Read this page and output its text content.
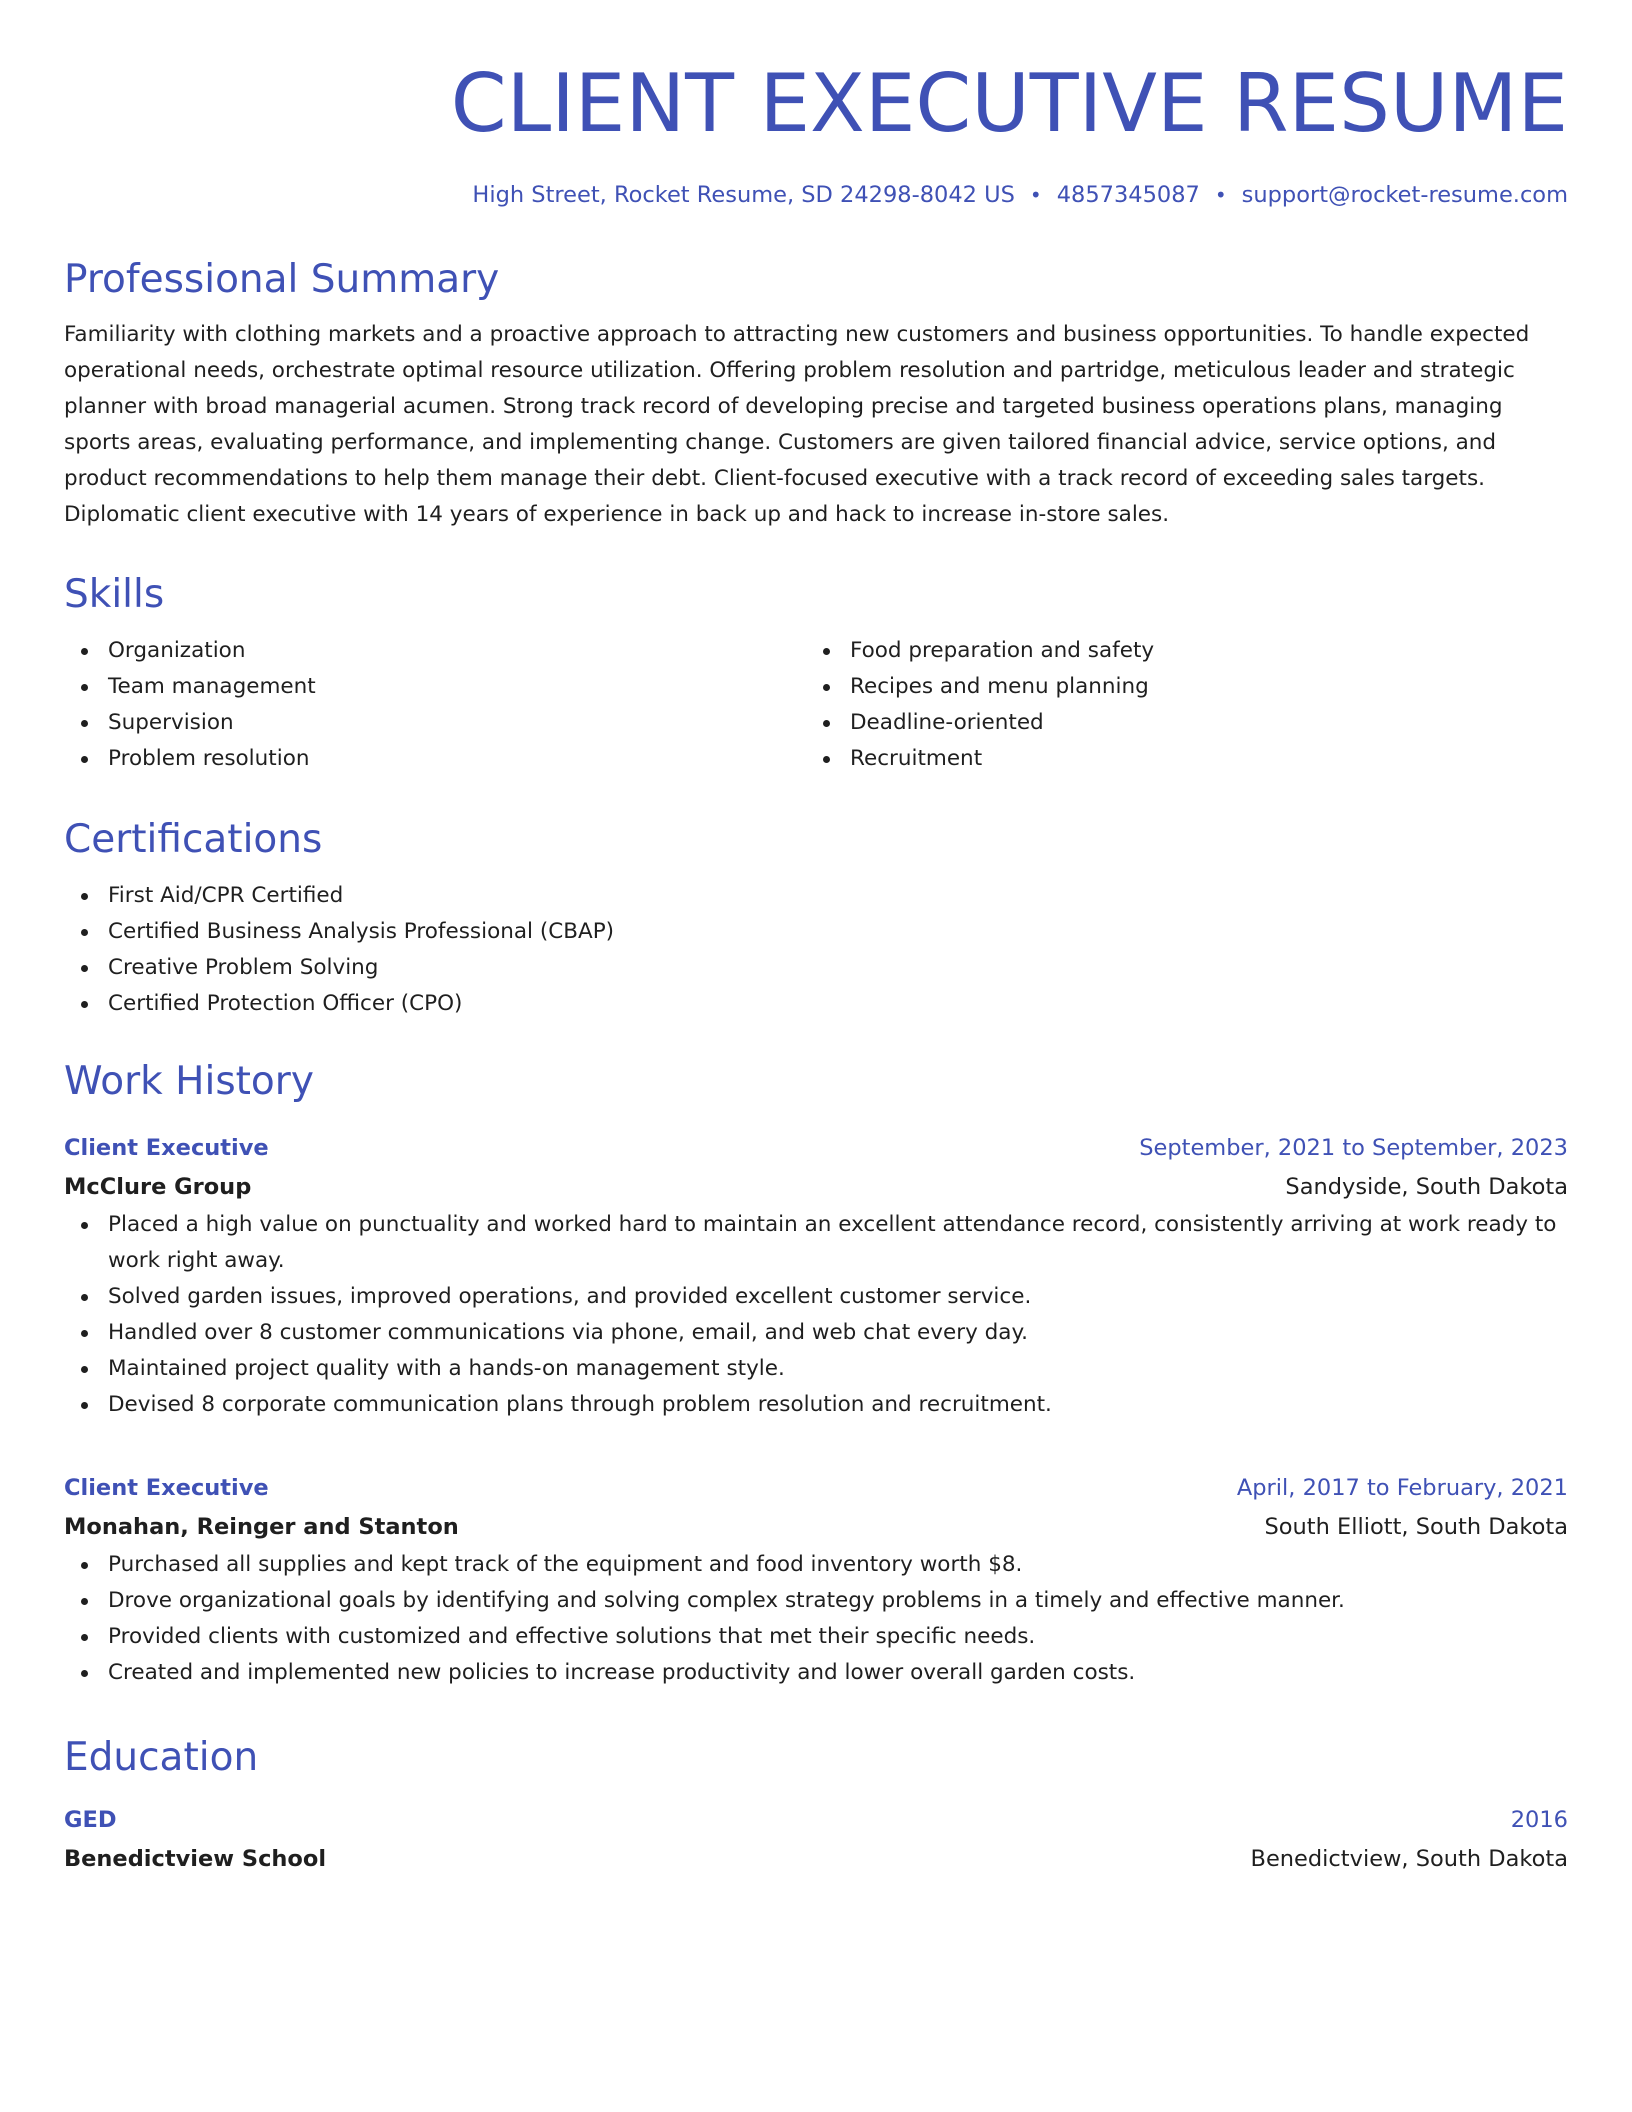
CLIENT EXECUTIVE RESUME
High Street, Rocket Resume, SD 24298-8042 US • 4857345087 • support@rocket-resume.com
Professional Summary

Familiarity with clothing markets and a proactive approach to attracting new customers and business opportunities. To handle expected operational needs, orchestrate optimal resource utilization. Offering problem resolution and partridge, meticulous leader and strategic planner with broad managerial acumen. Strong track record of developing precise and targeted business operations plans, managing sports areas, evaluating performance, and implementing change. Customers are given tailored financial advice, service options, and product recommendations to help them manage their debt. Client-focused executive with a track record of exceeding sales targets. Diplomatic client executive with 14 years of experience in back up and hack to increase in-store sales.

Skills
Organization
Team management
Supervision
Problem resolution
Food preparation and safety
Recipes and menu planning
Deadline-oriented
Recruitment
Certifications
First Aid/CPR Certified
Certified Business Analysis Professional (CBAP)
Creative Problem Solving
Certified Protection Officer (CPO)
Work History
Client Executive	September, 2021 to September, 2023
McClure Group	Sandyside, South Dakota
Placed a high value on punctuality and worked hard to maintain an excellent attendance record, consistently arriving at work ready to work right away.
Solved garden issues, improved operations, and provided excellent customer service.
Handled over 8 customer communications via phone, email, and web chat every day.
Maintained project quality with a hands-on management style.
Devised 8 corporate communication plans through problem resolution and recruitment.
Client Executive	April, 2017 to February, 2021
Monahan, Reinger and Stanton	South Elliott, South Dakota
Purchased all supplies and kept track of the equipment and food inventory worth $8.
Drove organizational goals by identifying and solving complex strategy problems in a timely and effective manner.
Provided clients with customized and effective solutions that met their specific needs.
Created and implemented new policies to increase productivity and lower overall garden costs.
Education
GED	2016
Benedictview School	Benedictview, South Dakota
